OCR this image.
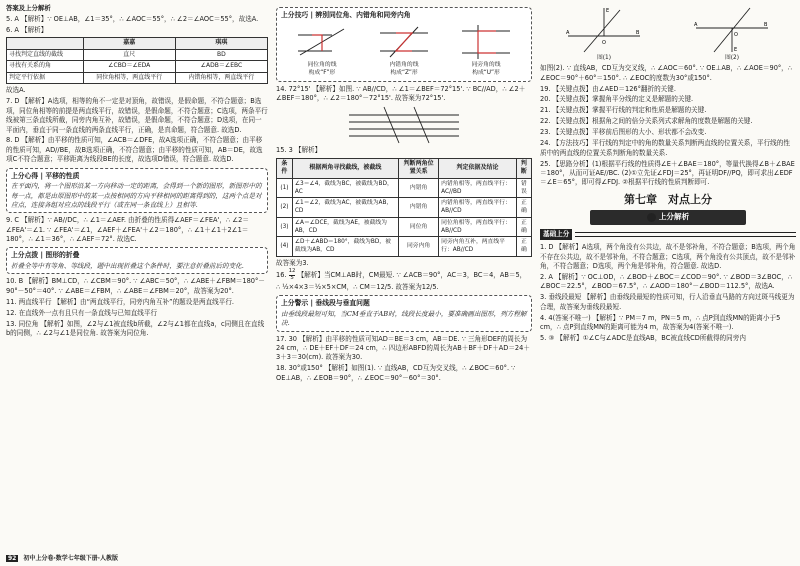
答案及上分解析

5. A 【解析】∵ OE⊥AB，∠1＝35°，∴ ∠AOC＝55°，∴ ∠2＝∠AOC＝55°，故选A.

6. A 【解析】

	嘉嘉	琪琪
寻找判定直线的截线	直尺	BD
寻找有关系的角	∠CBD＝∠EDA	∠ADB＝∠EBC
判定平行依据	同位角相等，两直线平行	内错角相等，两直线平行

故选A.

7. D 【解析】A选项，相等的角不一定是对顶角，故错误，是假命题，不符合题意；B选项，同位角相等的前提是两直线平行，故错误，是假命题，不符合题意；C选项，两条平行线被第三条直线所截，同旁内角互补，故错误，是假命题，不符合题意；D选项，在同一平面内，垂直于同一条直线的两条直线平行，正确，是真命题，符合题意. 故选D.

8. D 【解析】由平移的性质可知，∠ACB＝∠DFE，故A选项正确，不符合题意；由平移的性质可知，AD//BE，故B选项正确，不符合题意；由平移的性质可知，AB＝DE，故选项C不符合题意；平移距离为线段BE的长度，故选项D错误，符合题意. 故选D.

上分心得 | 平移的性质
在平面内，将一个图形沿某一方向移动一定的距离，会得到一个新的图形，新图形中的每一点，都是由原图形中的某一点按相同的方向平移相同的距离得到的，这两个点是对应点，连接各组对应点的线段平行（或在同一条直线上）且相等.

9. C 【解析】∵ AB//DC，∴ ∠1＝∠AEF. 由折叠的性质得∠AEF＝∠FEA'，∴ ∠2＝∠FEA'＝∠1. ∵ ∠FEA'＝∠1，∠AEF＋∠FEA'＋∠2＝180°，∴ ∠1＋∠1＋2∠1＝180°，∴ ∠1＝36°，∴ ∠AEF＝72°. 故选C.

上分点拨 | 图形的折叠
折叠全等中有等角、等线段，题中出现折叠这个条件时，要注意折叠前后的变化.

10. B 【解析】BM⊥CD，∴ ∠CBM＝90°. ∵ ∠ABC＝50°，∴ ∠ABE＋∠FBM＝180°－90°－50°＝40°. ∵ ∠ABE＝∠FBM，∴ ∠ABE＝∠FBM＝20°，故答案为20°.

11. 两直线平行 【解析】由“两直线平行，同旁内角互补”的题设是两直线平行.

12. 在直线外一点有且只有一条直线与已知直线平行

13. 同位角 【解析】如图，∠2与∠1被直线b所截，∠2与∠1都在直线a，c同侧且在直线b的同侧，∴ ∠2与∠1是同位角. 故答案为同位角.

上分技巧 | 辨别同位角、内错角和同旁内角
同位角的线
构成“F”形
内错角的线
构成“Z”形
同旁角的线
构成“U”形

14. 72°15' 【解析】如图. ∵ AB//CD，∴ ∠1＝∠BEF＝72°15'. ∵ BC//AD，∴ ∠2＋∠BEF＝180°，∴ ∠2＝180°－72°15'. 故答案为72°15'.

15. 3 【解析】

条件	根据两角寻找截线，被截线	判断两角位置关系	判定依据及结论	判断
(1)	∠3＝∠4，截线为BC，被截线为BD，AC	内错角	内错角相等，两直线平行：AC//BD	错误
(2)	∠1＝∠2，截线为AC，被截线为AB，CD	内错角	内错角相等，两直线平行：AB//CD	正确
(3)	∠A＝∠DCE，截线为AE，被截线为AB，CD	同位角	同位角相等，两直线平行：AB//CD	正确
(4)	∠D＋∠ABD＝180°，截线为BD，被截线为AB，CD	同旁内角	同旁内角互补，两直线平行：AB//CD	正确

故答案为3.

16. $\frac{12}{5}$ 【解析】当CM⊥AB时，CM最短. ∵ ∠ACB＝90°，AC＝3，BC＝4，AB＝5，

∴ ½×4×3＝½×5×CM，∴ CM＝12/5. 故答案为12/5.

上分警示 | 垂线段与垂直问题
由垂线段最短可知，当CM垂直于AB时，线段长度最小，要准确画出图形，列方程解决.

17. 30 【解析】由平移的性质可知AD＝BE＝3 cm，AB＝DE. ∵ 三角形DEF的周长为24 cm，∴ DE＋EF＋DF＝24 cm，∴ 四边形ABFD的周长为AB＋BF＋DF＋AD＝24＋3＋3＝30(cm). 故答案为30.

18. 30°或150° 【解析】如图(1). ∵ 直线AB，CD互为交叉线，∴ ∠BOC＝60°. ∵ OE⊥AB，∴ ∠EOB＝90°，∴ ∠EOC＝90°－60°＝30°.

A	B
O
E
图(1)
A	B
O
E
图(2)

如图(2). ∵ 直线AB，CD互为交叉线，∴ ∠AOC＝60°. ∵ OE⊥AB，∴ ∠AOE＝90°，∴ ∠EOC＝90°＋60°＝150°. ∴ ∠EOC的度数为30°或150°.

19. 【关键点拨】由∠AED＝126°翻折的关键.

20. 【关键点拨】掌握角平分线的定义是解题的关键.

21. 【关键点拨】掌握平行线的判定和性质是解题的关键.

22. 【关键点拨】根据角之间的倍分关系列式求解角的度数是解题的关键.

23. 【关键点拨】平移前后图形的大小、形状都不会改变.

24. 【方法技巧】平行线的判定中的角的数量关系判断两直线的位置关系，平行线的性质中的两直线的位置关系判断角的数量关系.

25. 【思路分析】(1)根据平行线的性质得∠E＋∠BAE＝180°，等量代换得∠B＋∠BAE＝180°，从而可证AE//BC. (2)①立先证∠FDJ＝25°，再证明DF//PQ，即可求出∠EDF＝∠E＝65°，即可得∠FDJ. ②根据平行线的性质判断即可.

第七章　对点上分
上分解析
基础上分

1. D 【解析】A选项，两个角没有公共边，故不是邻补角，不符合题意；B选项，两个角不存在公共边，故不是邻补角，不符合题意；C选项，两个角没有公共顶点，故不是邻补角，不符合题意；D选项，两个角是邻补角，符合题意. 故选D.

2. A 【解析】∵ OC⊥OD，∴ ∠BOD＋∠BOC＝∠COD＝90°. ∵ ∠BOD＝3∠BOC，∴ ∠BOC＝22.5°，∠BOD＝67.5°，∴ ∠AOD＝180°－∠BOD＝112.5°，故选A.

3. 垂线段最短 【解析】由垂线段最短的性质可知，行人沿垂直马路的方向过斑马线更为合理，故答案为垂线段最短.

4. 4(答案不唯一) 【解析】∵ PM＝7 m，PN＝5 m，∴ 点P到直线MN的距离小于5 cm，∴ 点P到直线MN的距离可能为4 m，故答案为4(答案不唯一).

5. ③ 【解析】①∠C与∠ADC是直线AB，BC被直线CD所截得的同旁内

92 初中上分卷·数学七年级下册·人教版
